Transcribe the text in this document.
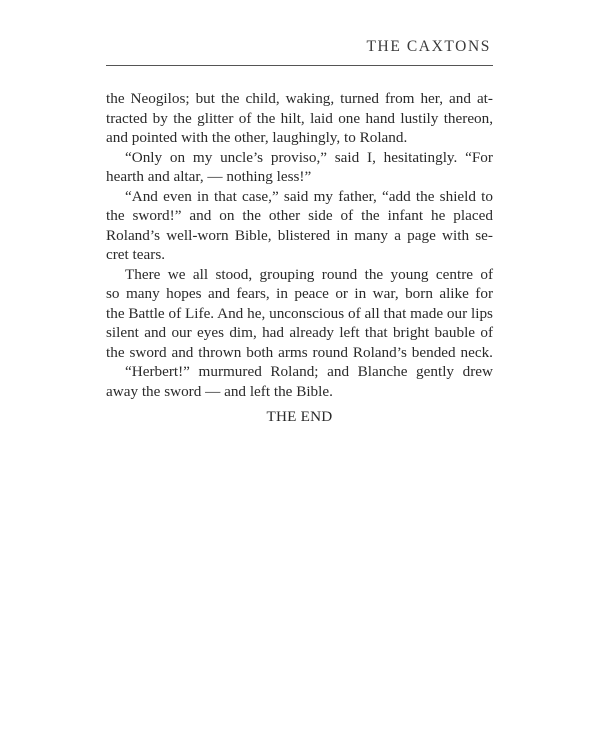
THE CAXTONS
the Neogilos; but the child, waking, turned from her, and at-
tracted by the glitter of the hilt, laid one hand lustily thereon,
and pointed with the other, laughingly, to Roland.
“Only on my uncle’s proviso,” said I, hesitatingly. “For
hearth and altar, — nothing less!”
“And even in that case,” said my father, “add the shield to
the sword!” and on the other side of the infant he placed
Roland’s well-worn Bible, blistered in many a page with se-
cret tears.
There we all stood, grouping round the young centre of
so many hopes and fears, in peace or in war, born alike for
the Battle of Life. And he, unconscious of all that made our lips
silent and our eyes dim, had already left that bright bauble of
the sword and thrown both arms round Roland’s bended neck.
“Herbert!” murmured Roland; and Blanche gently drew
away the sword — and left the Bible.
THE END
